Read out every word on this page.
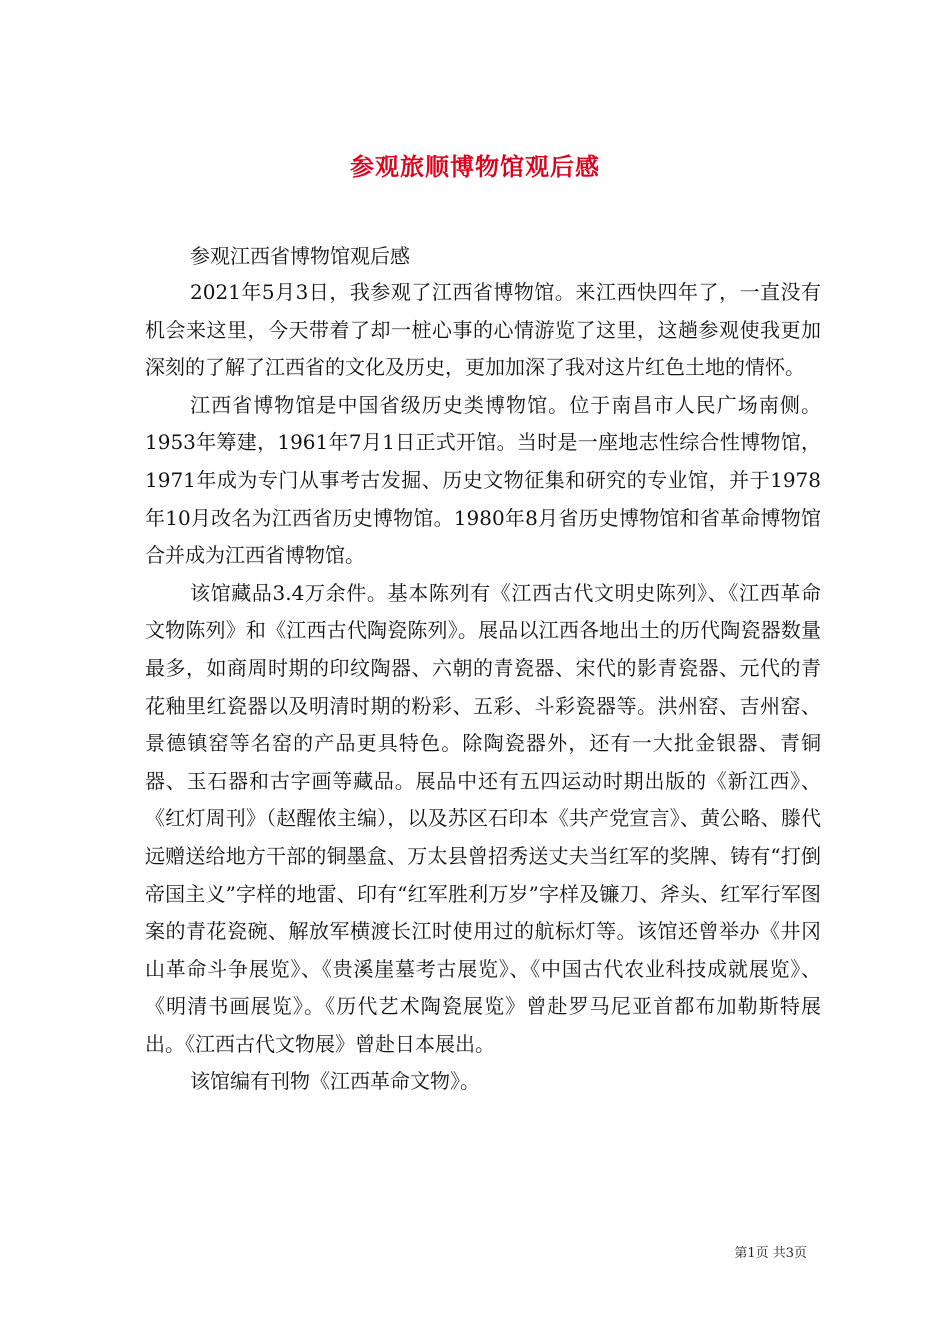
参观旅顺博物馆观后感
参观江西省博物馆观后感

2021年5月3日，我参观了江西省博物馆。来江西快四年了，一直没有机会来这里，今天带着了却一桩心事的心情游览了这里，这趟参观使我更加深刻的了解了江西省的文化及历史，更加加深了我对这片红色土地的情怀。

江西省博物馆是中国省级历史类博物馆。位于南昌市人民广场南侧。1953年筹建，1961年7月1日正式开馆。当时是一座地志性综合性博物馆，1971年成为专门从事考古发掘、历史文物征集和研究的专业馆，并于1978年10月改名为江西省历史博物馆。1980年8月省历史博物馆和省革命博物馆合并成为江西省博物馆。

该馆藏品3.4万余件。基本陈列有《江西古代文明史陈列》、《江西革命文物陈列》和《江西古代陶瓷陈列》。展品以江西各地出土的历代陶瓷器数量最多，如商周时期的印纹陶器、六朝的青瓷器、宋代的影青瓷器、元代的青花釉里红瓷器以及明清时期的粉彩、五彩、斗彩瓷器等。洪州窑、吉州窑、景德镇窑等名窑的产品更具特色。除陶瓷器外，还有一大批金银器、青铜器、玉石器和古字画等藏品。展品中还有五四运动时期出版的《新江西》、《红灯周刊》（赵醒侬主编），以及苏区石印本《共产党宣言》、黄公略、滕代远赠送给地方干部的铜墨盒、万太县曾招秀送丈夫当红军的奖牌、铸有“打倒帝国主义”字样的地雷、印有“红军胜利万岁”字样及镰刀、斧头、红军行军图案的青花瓷碗、解放军横渡长江时使用过的航标灯等。该馆还曾举办《井冈山革命斗争展览》、《贵溪崖墓考古展览》、《中国古代农业科技成就展览》、《明清书画展览》。《历代艺术陶瓷展览》曾赴罗马尼亚首都布加勒斯特展出。《江西古代文物展》曾赴日本展出。

该馆编有刊物《江西革命文物》。

第1页 共3页
